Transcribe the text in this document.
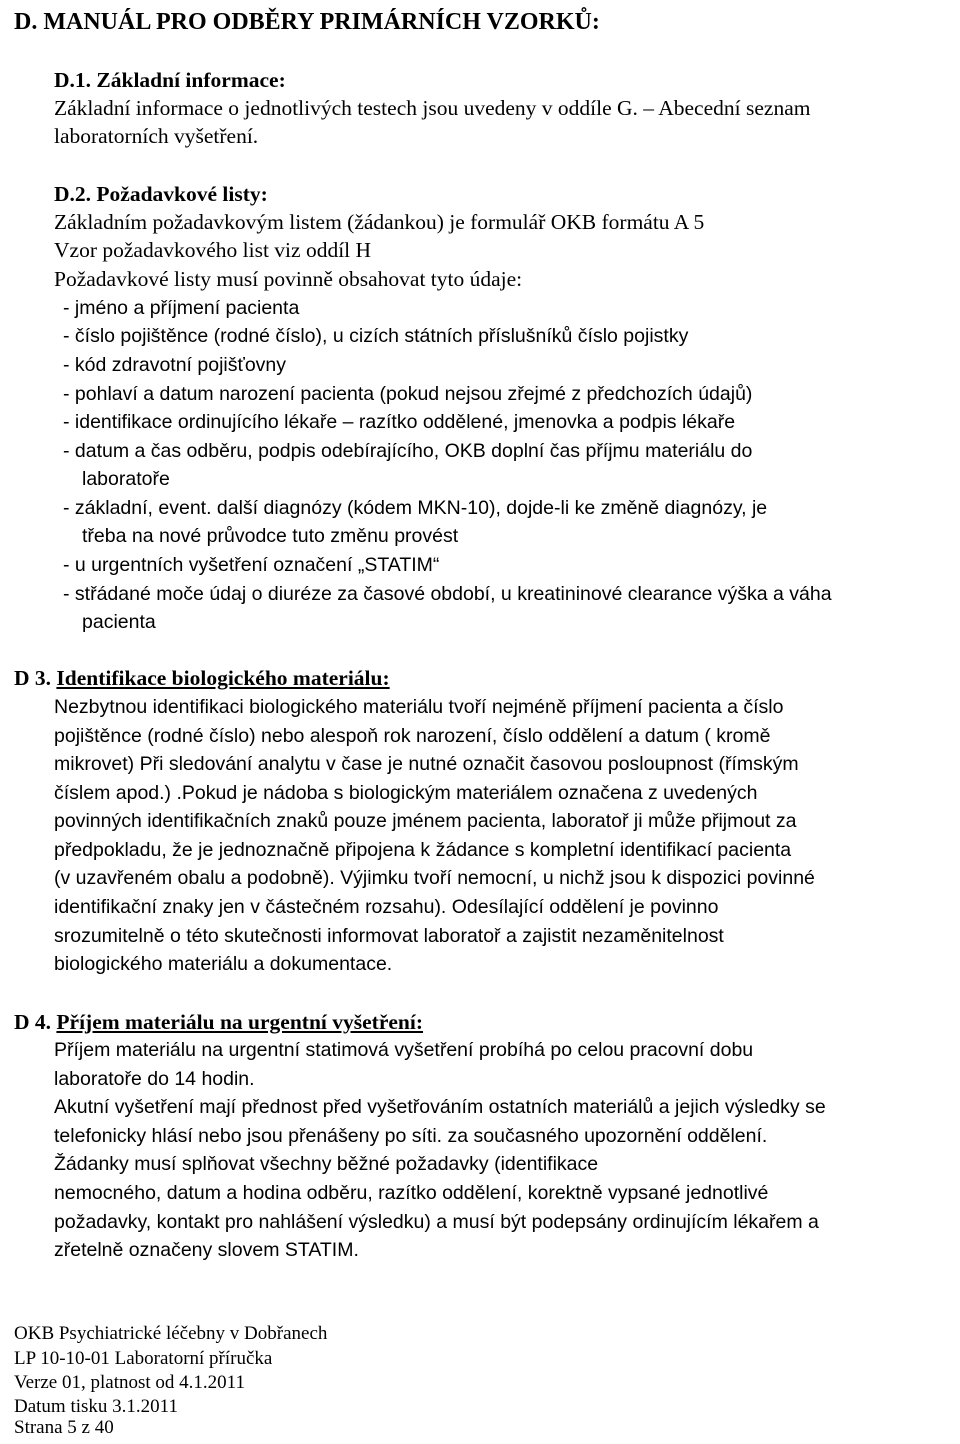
D. MANUÁL PRO ODBĚRY PRIMÁRNÍCH VZORKŮ:
D.1. Základní informace:
Základní informace o jednotlivých testech jsou uvedeny v oddíle G. – Abecední seznam
laboratorních vyšetření.
D.2. Požadavkové listy:
Základním požadavkovým listem (žádankou) je formulář OKB formátu A 5
Vzor požadavkového list viz oddíl H
Požadavkové listy musí povinně obsahovat tyto údaje:
- jméno a příjmení pacienta
- číslo pojištěnce (rodné číslo), u cizích státních příslušníků číslo pojistky
- kód zdravotní pojišťovny
- pohlaví a datum narození pacienta (pokud nejsou zřejmé z předchozích údajů)
- identifikace ordinujícího lékaře – razítko oddělené, jmenovka a podpis lékaře
- datum a čas odběru, podpis odebírajícího, OKB doplní čas příjmu materiálu do
laboratoře
- základní, event. další diagnózy (kódem MKN-10), dojde-li ke změně diagnózy, je
třeba na nové průvodce tuto změnu provést
- u urgentních vyšetření označení „STATIM“
- střádané moče údaj o diuréze za časové období, u kreatininové clearance výška a váha
pacienta
D 3. Identifikace biologického materiálu:
Nezbytnou identifikaci biologického materiálu tvoří nejméně příjmení pacienta a číslo
pojištěnce (rodné číslo) nebo alespoň rok narození, číslo oddělení a datum ( kromě
mikrovet) Při sledování analytu v čase je nutné označit časovou posloupnost (římským
číslem apod.) .Pokud je nádoba s biologickým materiálem označena z uvedených
povinných identifikačních znaků pouze jménem pacienta, laboratoř ji může přijmout za
předpokladu, že je jednoznačně připojena k žádance s kompletní identifikací pacienta
(v uzavřeném obalu a podobně). Výjimku tvoří nemocní, u nichž jsou k dispozici povinné
identifikační znaky jen v částečném rozsahu). Odesílající oddělení je povinno
srozumitelně o této skutečnosti informovat laboratoř a zajistit nezaměnitelnost
biologického materiálu a dokumentace.
D 4. Příjem materiálu na urgentní vyšetření:
Příjem materiálu na urgentní statimová vyšetření probíhá po celou pracovní dobu
laboratoře do 14 hodin.
Akutní vyšetření mají přednost před vyšetřováním ostatních materiálů a jejich výsledky se
telefonicky hlásí nebo jsou přenášeny po síti. za současného upozornění oddělení.
Žádanky musí splňovat všechny běžné požadavky (identifikace
nemocného, datum a hodina odběru, razítko oddělení, korektně vypsané jednotlivé
požadavky, kontakt pro nahlášení výsledku) a musí být podepsány ordinujícím lékařem a
zřetelně označeny slovem STATIM.
OKB Psychiatrické léčebny v Dobřanech
LP 10-10-01 Laboratorní příručka
Verze 01, platnost od 4.1.2011
Datum tisku 3.1.2011
Strana 5 z 40
